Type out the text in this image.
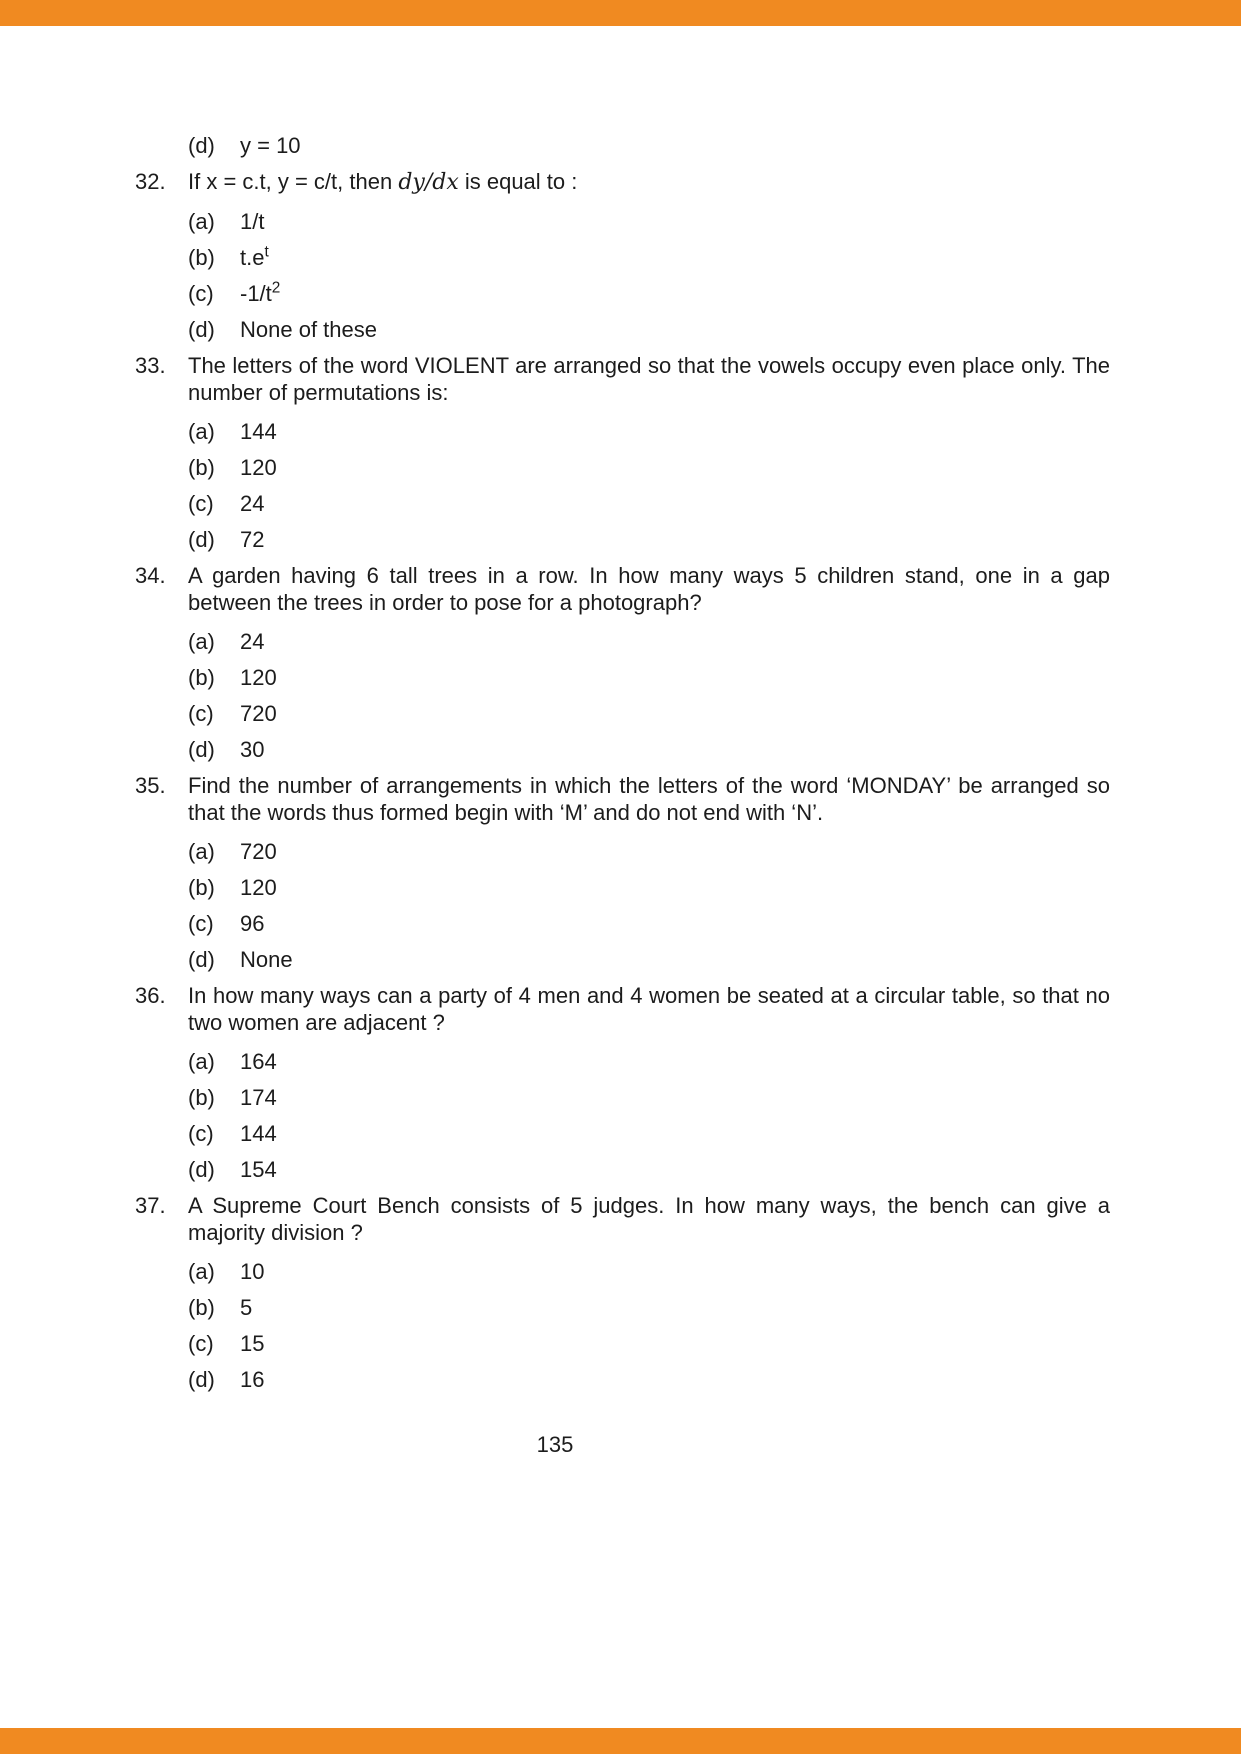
(d)	y = 10
32.	If x = c.t, y = c/t, then dy/dx is equal to :
(a)	1/t
(b)	$t.e^t$
(c)	$-1/t^2$
(d)	None of these
33.	The letters of the word VIOLENT are arranged so that the vowels occupy even place only. The number of permutations is:
(a)	144
(b)	120
(c)	24
(d)	72
34.	A garden having 6 tall trees in a row. In how many ways 5 children stand, one in a gap between the trees in order to pose for a photograph?
(a)	24
(b)	120
(c)	720
(d)	30
35.	Find the number of arrangements in which the letters of the word ‘MONDAY’ be arranged so that the words thus formed begin with ‘M’ and do not end with ‘N’.
(a)	720
(b)	120
(c)	96
(d)	None
36.	In how many ways can a party of 4 men and 4 women be seated at a circular table, so that no two women are adjacent ?
(a)	164
(b)	174
(c)	144
(d)	154
37.	A Supreme Court Bench consists of 5 judges. In how many ways, the bench can give a majority division ?
(a)	10
(b)	5
(c)	15
(d)	16
135
